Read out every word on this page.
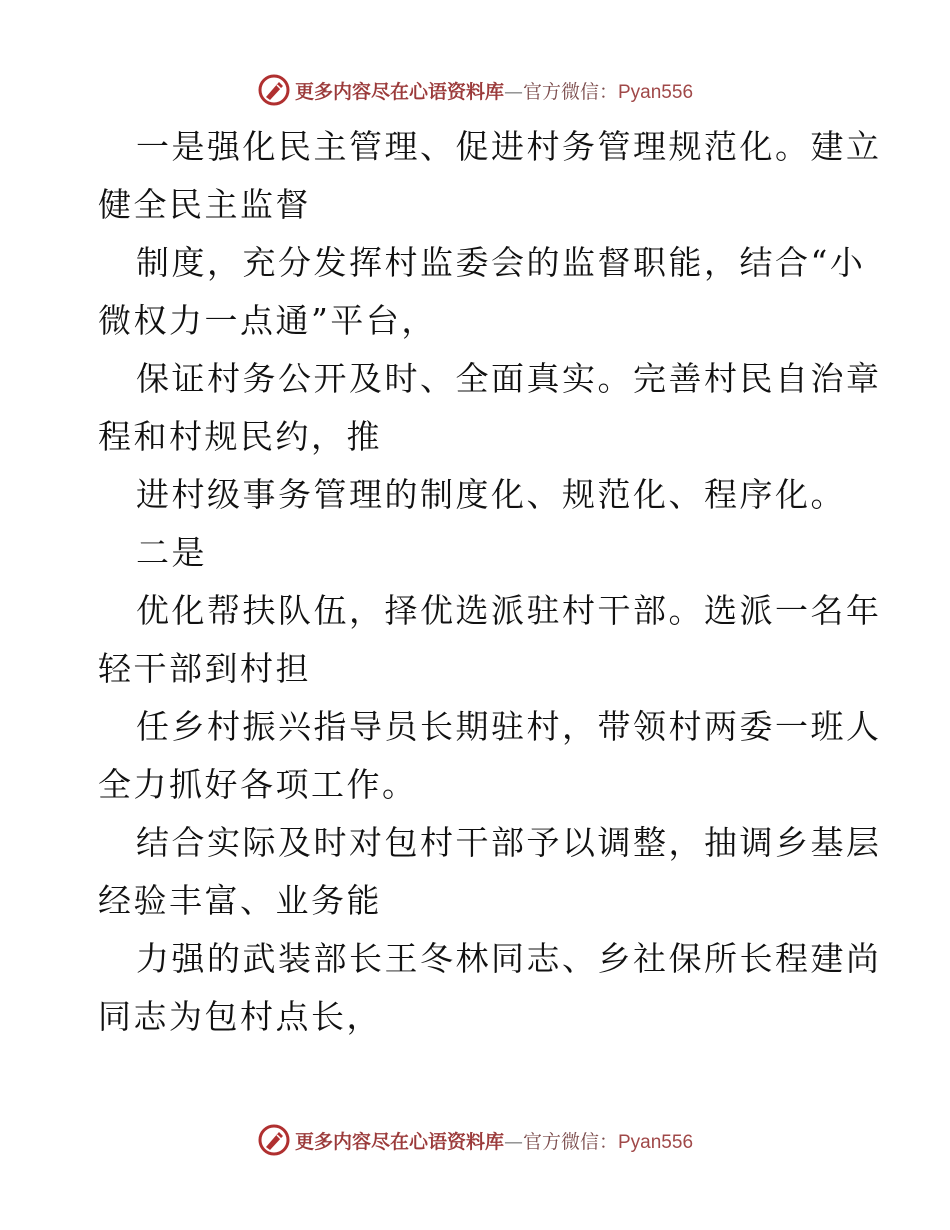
更多内容尽在心语资料库—官方微信：Pyan556
一是强化民主管理、促进村务管理规范化。建立
健全民主监督
制度，充分发挥村监委会的监督职能，结合“小
微权力一点通”平台，
保证村务公开及时、全面真实。完善村民自治章
程和村规民约，推
进村级事务管理的制度化、规范化、程序化。
二是
优化帮扶队伍，择优选派驻村干部。选派一名年
轻干部到村担
任乡村振兴指导员长期驻村，带领村两委一班人
全力抓好各项工作。
结合实际及时对包村干部予以调整，抽调乡基层
经验丰富、业务能
力强的武装部长王冬林同志、乡社保所长程建尚
同志为包村点长，
更多内容尽在心语资料库—官方微信：Pyan556
